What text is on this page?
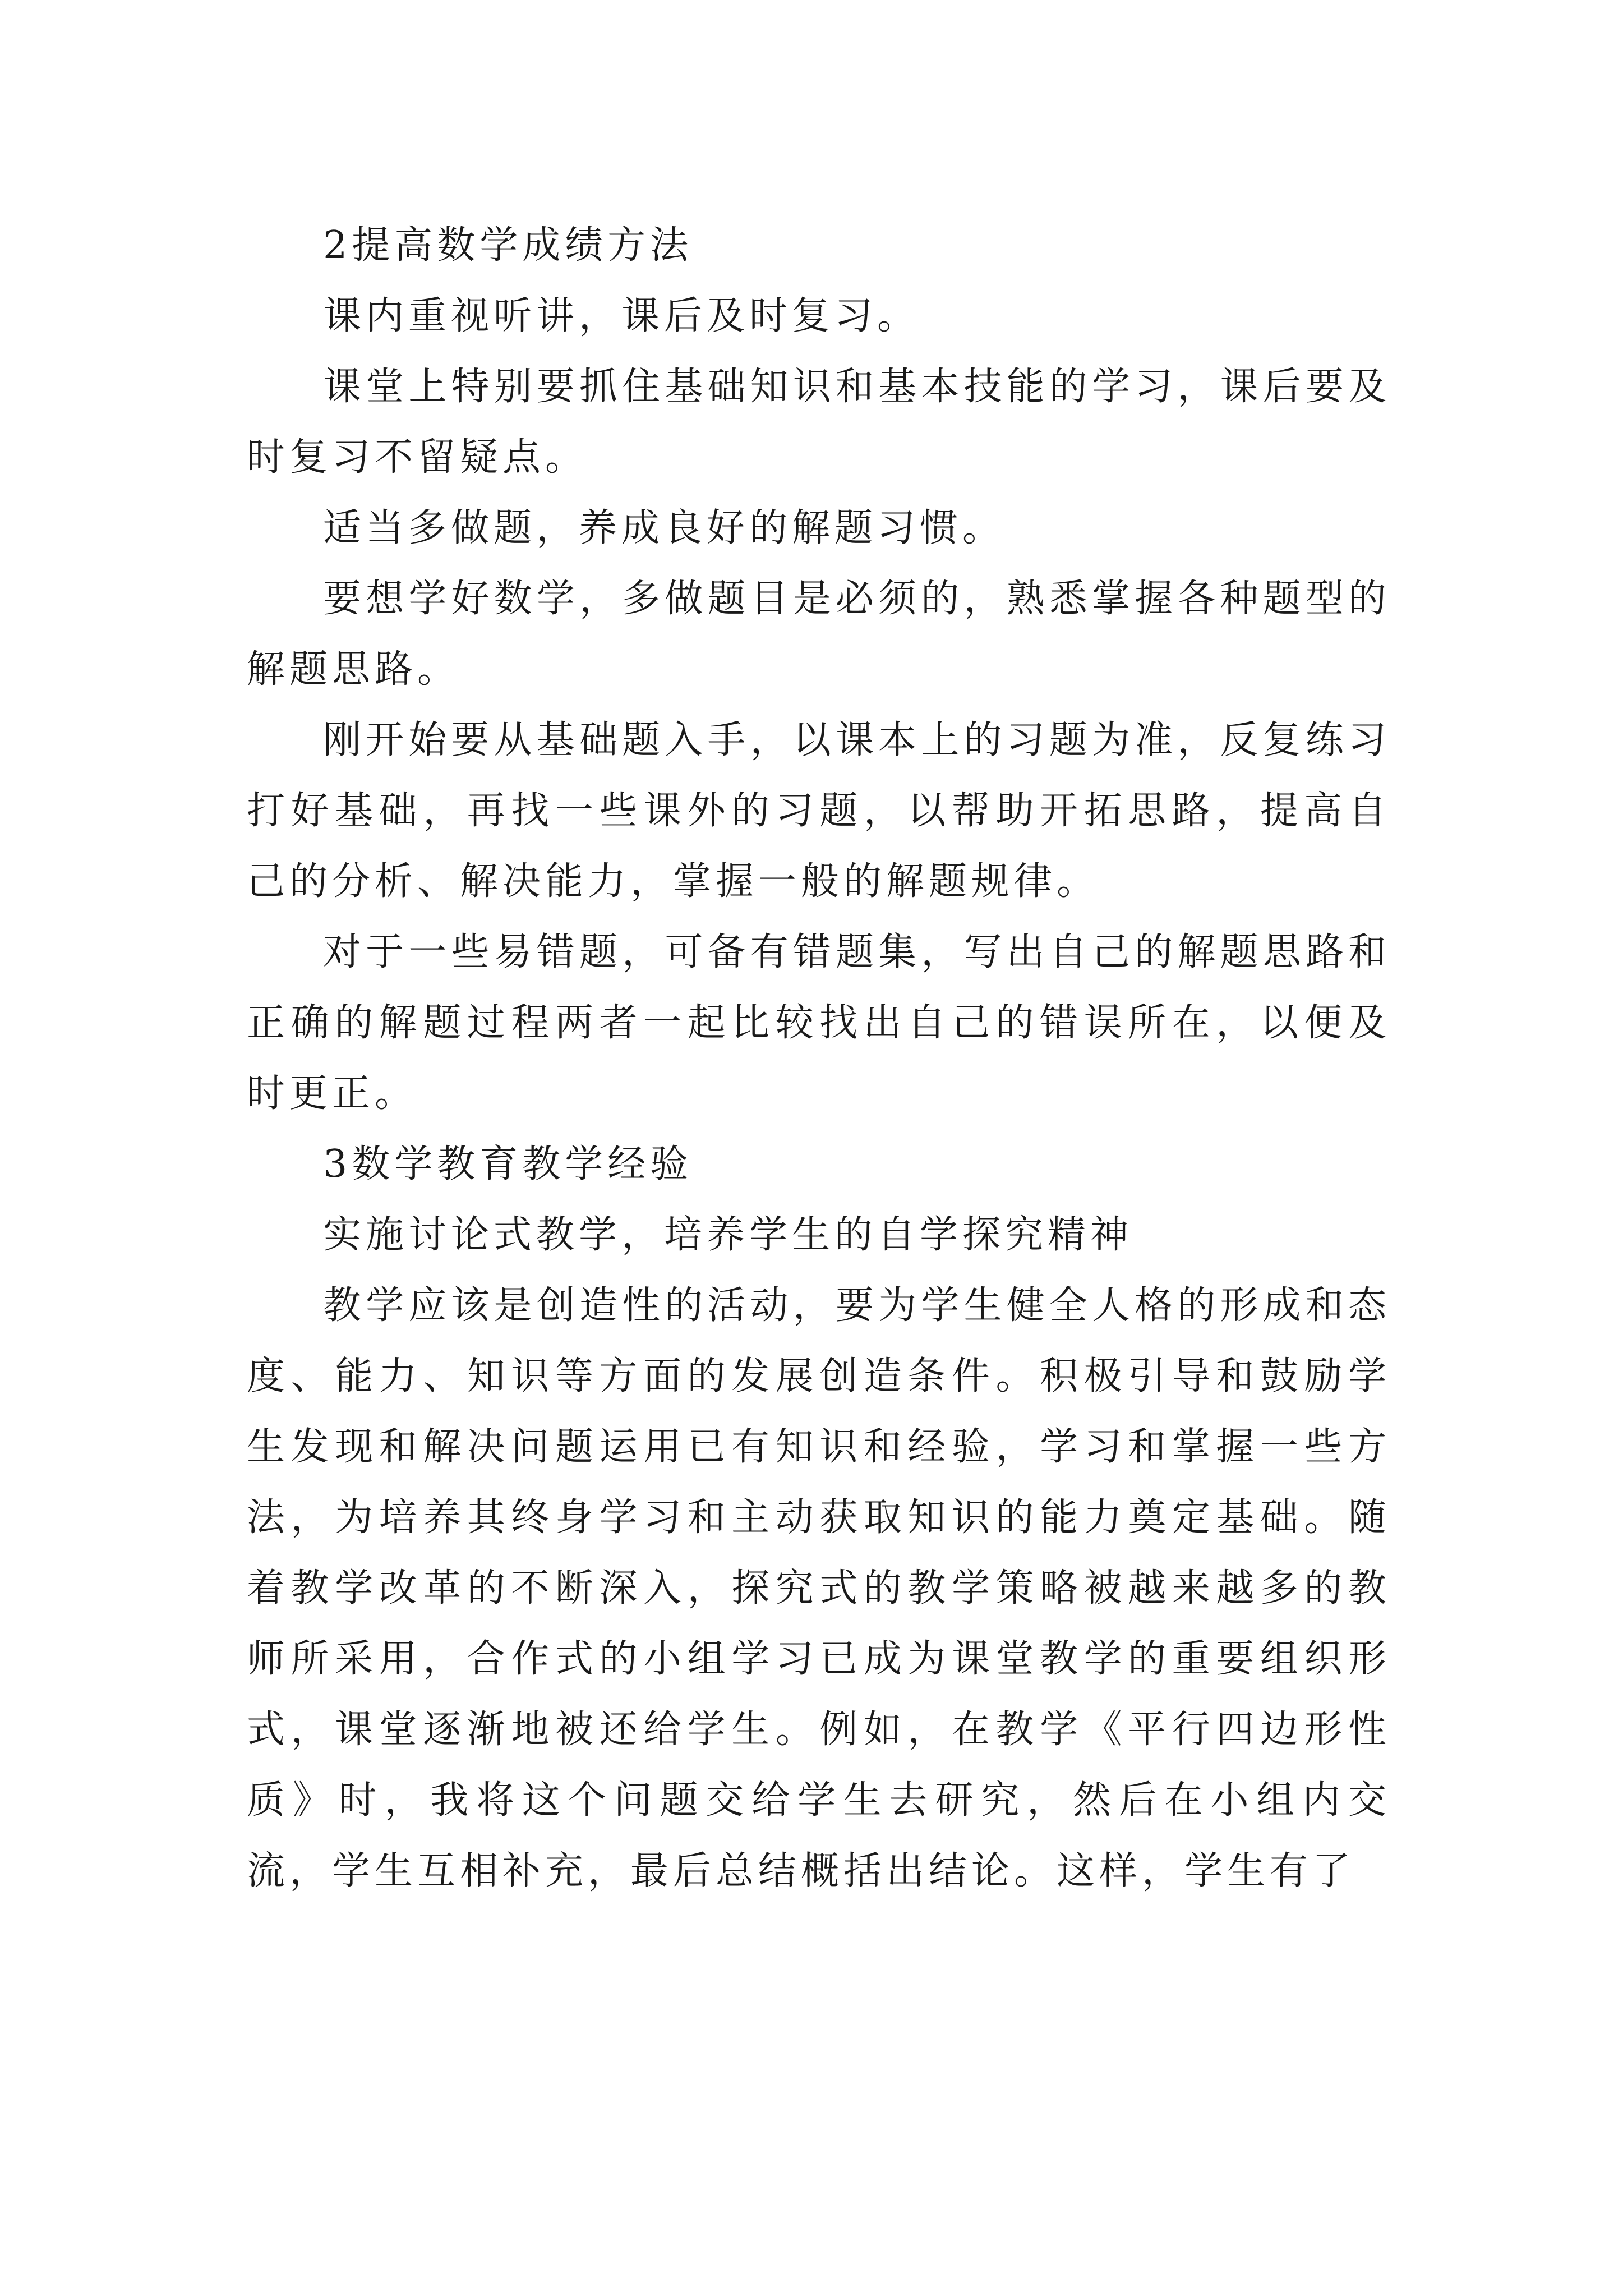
2提高数学成绩方法

课内重视听讲，课后及时复习。

课堂上特别要抓住基础知识和基本技能的学习，课后要及时复习不留疑点。

适当多做题，养成良好的解题习惯。

要想学好数学，多做题目是必须的，熟悉掌握各种题型的解题思路。

刚开始要从基础题入手，以课本上的习题为准，反复练习打好基础，再找一些课外的习题，以帮助开拓思路，提高自己的分析、解决能力，掌握一般的解题规律。

对于一些易错题，可备有错题集，写出自己的解题思路和正确的解题过程两者一起比较找出自己的错误所在，以便及时更正。

3数学教育教学经验

实施讨论式教学，培养学生的自学探究精神

教学应该是创造性的活动，要为学生健全人格的形成和态度、能力、知识等方面的发展创造条件。积极引导和鼓励学生发现和解决问题运用已有知识和经验，学习和掌握一些方法，为培养其终身学习和主动获取知识的能力奠定基础。随着教学改革的不断深入，探究式的教学策略被越来越多的教师所采用，合作式的小组学习已成为课堂教学的重要组织形式，课堂逐渐地被还给学生。例如，在教学《平行四边形性质》时，我将这个问题交给学生去研究，然后在小组内交流，学生互相补充，最后总结概括出结论。这样，学生有了
